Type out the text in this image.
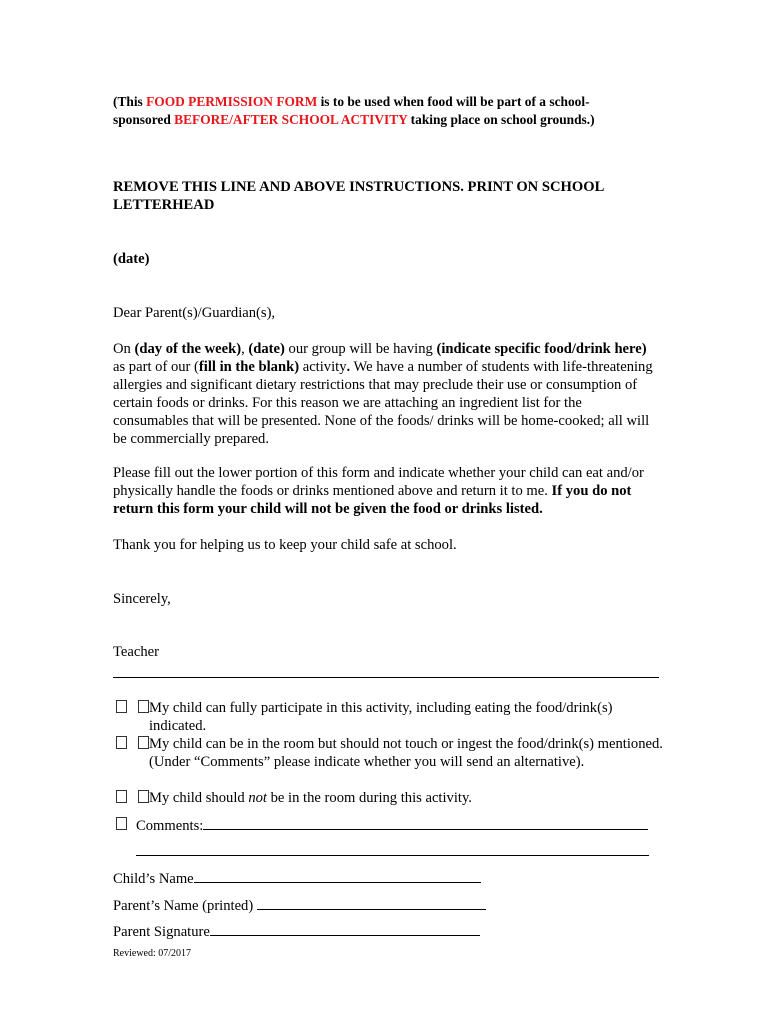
(This FOOD PERMISSION FORM is to be used when food will be part of a school-sponsored BEFORE/AFTER SCHOOL ACTIVITY taking place on school grounds.)
REMOVE THIS LINE AND ABOVE INSTRUCTIONS. PRINT ON SCHOOL LETTERHEAD
(date)
Dear Parent(s)/Guardian(s),
On (day of the week), (date) our group will be having (indicate specific food/drink here) as part of our (fill in the blank) activity. We have a number of students with life-threatening allergies and significant dietary restrictions that may preclude their use or consumption of certain foods or drinks. For this reason we are attaching an ingredient list for the consumables that will be presented. None of the foods/ drinks will be home-cooked; all will be commercially prepared.
Please fill out the lower portion of this form and indicate whether your child can eat and/or physically handle the foods or drinks mentioned above and return it to me. If you do not return this form your child will not be given the food or drinks listed.
Thank you for helping us to keep your child safe at school.
Sincerely,
Teacher
My child can fully participate in this activity, including eating the food/drink(s) indicated.
My child can be in the room but should not touch or ingest the food/drink(s) mentioned. (Under “Comments” please indicate whether you will send an alternative).
My child should not be in the room during this activity.
Comments:
Child’s Name
Parent’s Name (printed)
Parent Signature
Reviewed: 07/2017
